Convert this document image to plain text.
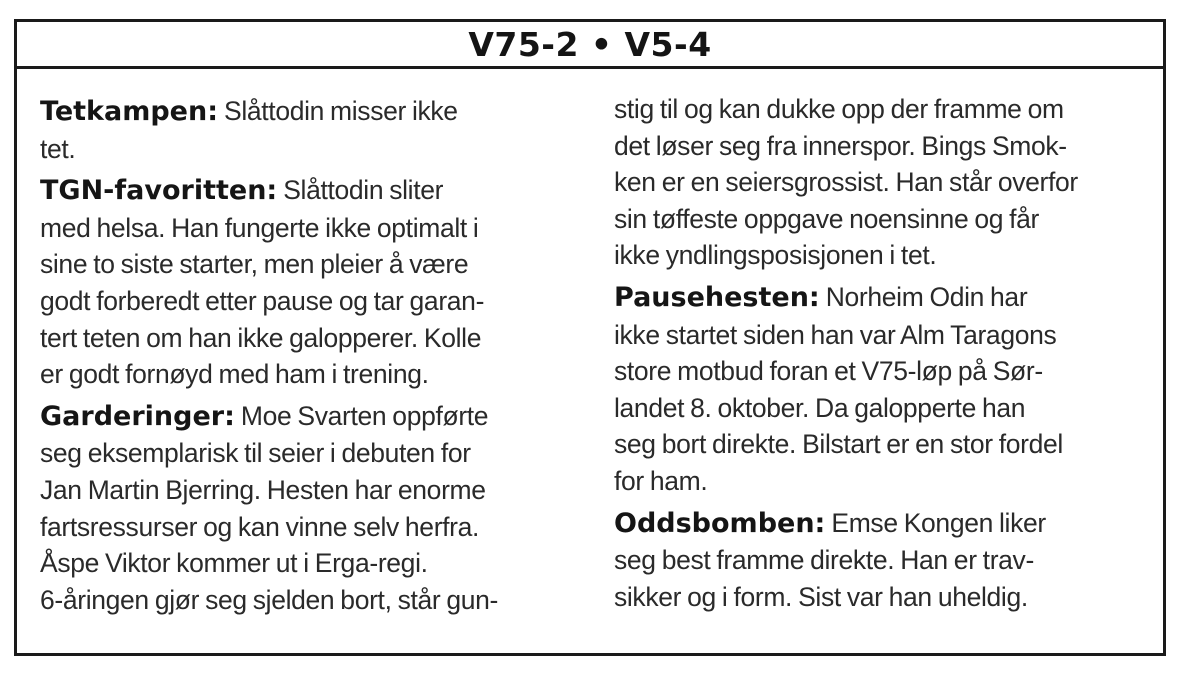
V75-2 • V5-4
Tetkampen: Slåttodin misser ikke
tet.
TGN-favoritten: Slåttodin sliter
med helsa. Han fungerte ikke optimalt i
sine to siste starter, men pleier å være
godt forberedt etter pause og tar garan-
tert teten om han ikke galopperer. Kolle
er godt fornøyd med ham i trening.
Garderinger: Moe Svarten oppførte
seg eksemplarisk til seier i debuten for
Jan Martin Bjerring. Hesten har enorme
fartsressurser og kan vinne selv herfra.
Åspe Viktor kommer ut i Erga-regi.
6-åringen gjør seg sjelden bort, står gun-
stig til og kan dukke opp der framme om
det løser seg fra innerspor. Bings Smok-
ken er en seiersgrossist. Han står overfor
sin tøffeste oppgave noensinne og får
ikke yndlingsposisjonen i tet.
Pausehesten: Norheim Odin har
ikke startet siden han var Alm Taragons
store motbud foran et V75-løp på Sør-
landet 8. oktober. Da galopperte han
seg bort direkte. Bilstart er en stor fordel
for ham.
Oddsbomben: Emse Kongen liker
seg best framme direkte. Han er trav-
sikker og i form. Sist var han uheldig.
